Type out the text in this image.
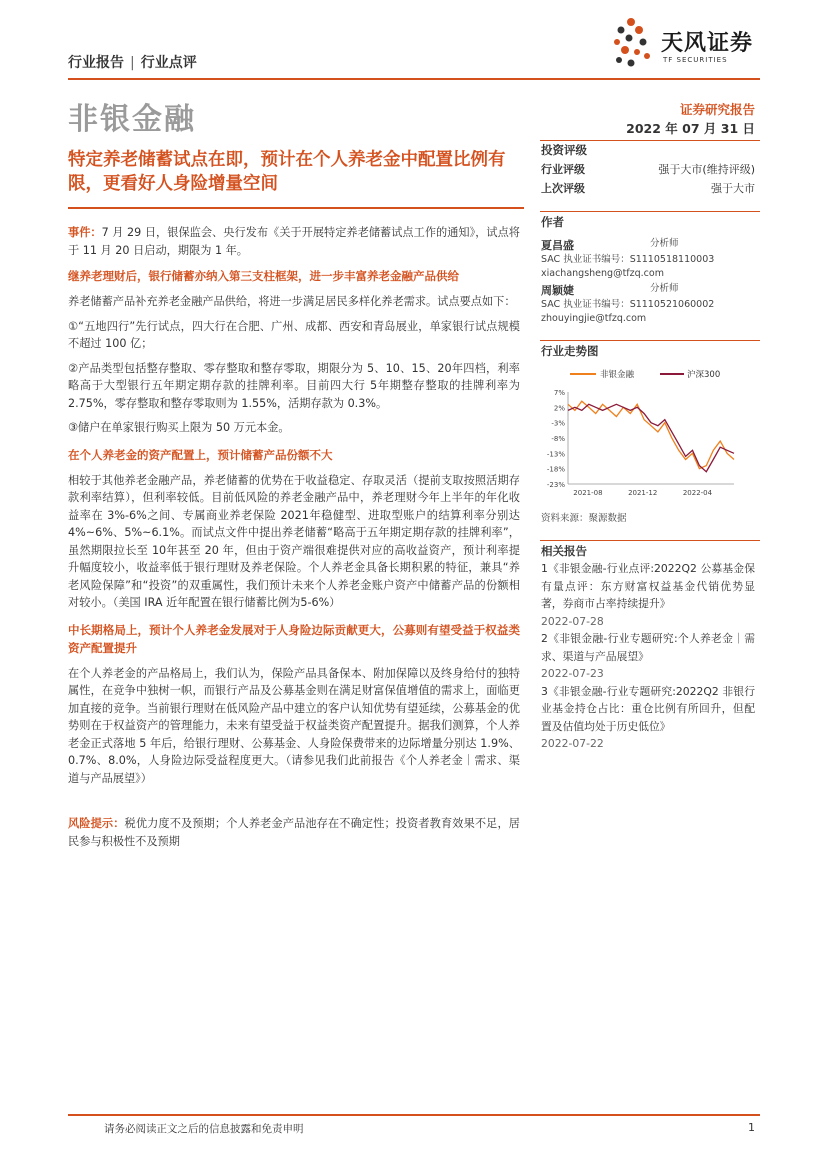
天风证券
TF SECURITIES
行业报告 | 行业点评
非银金融	证券研究报告
2022 年 07 月 31 日
特定养老储蓄试点在即，预计在个人养老金中配置比例有限，更看好人身险增量空间

事件：7 月 29 日，银保监会、央行发布《关于开展特定养老储蓄试点工作的通知》，试点将于 11 月 20 日启动，期限为 1 年。

继养老理财后，银行储蓄亦纳入第三支柱框架，进一步丰富养老金融产品供给

养老储蓄产品补充养老金融产品供给，将进一步满足居民多样化养老需求。试点要点如下：

①“五地四行”先行试点，四大行在合肥、广州、成都、西安和青岛展业，单家银行试点规模不超过 100 亿；

②产品类型包括整存整取、零存整取和整存零取，期限分为 5、10、15、20年四档，利率略高于大型银行五年期定期存款的挂牌利率。目前四大行 5年期整存整取的挂牌利率为 2.75%，零存整取和整存零取则为 1.55%，活期存款为 0.3%。

③储户在单家银行购买上限为 50 万元本金。

在个人养老金的资产配置上，预计储蓄产品份额不大

相较于其他养老金融产品，养老储蓄的优势在于收益稳定、存取灵活（提前支取按照活期存款利率结算），但利率较低。目前低风险的养老金融产品中，养老理财今年上半年的年化收益率在 3%-6%之间、专属商业养老保险 2021年稳健型、进取型账户的结算利率分别达 4%~6%、5%~6.1%。而试点文件中提出养老储蓄“略高于五年期定期存款的挂牌利率”，虽然期限拉长至 10年甚至 20 年，但由于资产端很难提供对应的高收益资产，预计利率提升幅度较小，收益率低于银行理财及养老保险。个人养老金具备长期积累的特征，兼具“养老风险保障”和“投资”的双重属性，我们预计未来个人养老金账户资产中储蓄产品的份额相对较小。（美国 IRA 近年配置在银行储蓄比例为5-6%）

中长期格局上，预计个人养老金发展对于人身险边际贡献更大，公募则有望受益于权益类资产配置提升

在个人养老金的产品格局上，我们认为，保险产品具备保本、附加保障以及终身给付的独特属性，在竞争中独树一帜，而银行产品及公募基金则在满足财富保值增值的需求上，面临更加直接的竞争。当前银行理财在低风险产品中建立的客户认知优势有望延续，公募基金的优势则在于权益资产的管理能力，未来有望受益于权益类资产配置提升。据我们测算，个人养老金正式落地 5 年后，给银行理财、公募基金、人身险保费带来的边际增量分别达 1.9%、0.7%、8.0%，人身险边际受益程度更大。（请参见我们此前报告《个人养老金｜需求、渠道与产品展望》）

风险提示：税优力度不及预期；个人养老金产品池存在不确定性；投资者教育效果不足，居民参与积极性不及预期

投资评级
行业评级	强于大市(维持评级)
上次评级	强于大市
作者
夏昌盛	分析师
SAC 执业证书编号：S1110518110003
xiachangsheng@tfzq.com
周颖婕	分析师
SAC 执业证书编号：S1110521060002
zhouyingjie@tfzq.com
行业走势图
非银金融	沪深300
7%
2%
-3%
-8%
-13%
-18%
-23%
2021-08	2021-12	2022-04
资料来源：聚源数据
相关报告
1《非银金融-行业点评:2022Q2 公募基金保有量点评：东方财富权益基金代销优势显著，券商市占率持续提升》
2022-07-28
2《非银金融-行业专题研究:个人养老金｜需求、渠道与产品展望》
2022-07-23
3《非银金融-行业专题研究:2022Q2 非银行业基金持仓占比：重仓比例有所回升，但配置及估值均处于历史低位》
2022-07-22
请务必阅读正文之后的信息披露和免责申明	1
